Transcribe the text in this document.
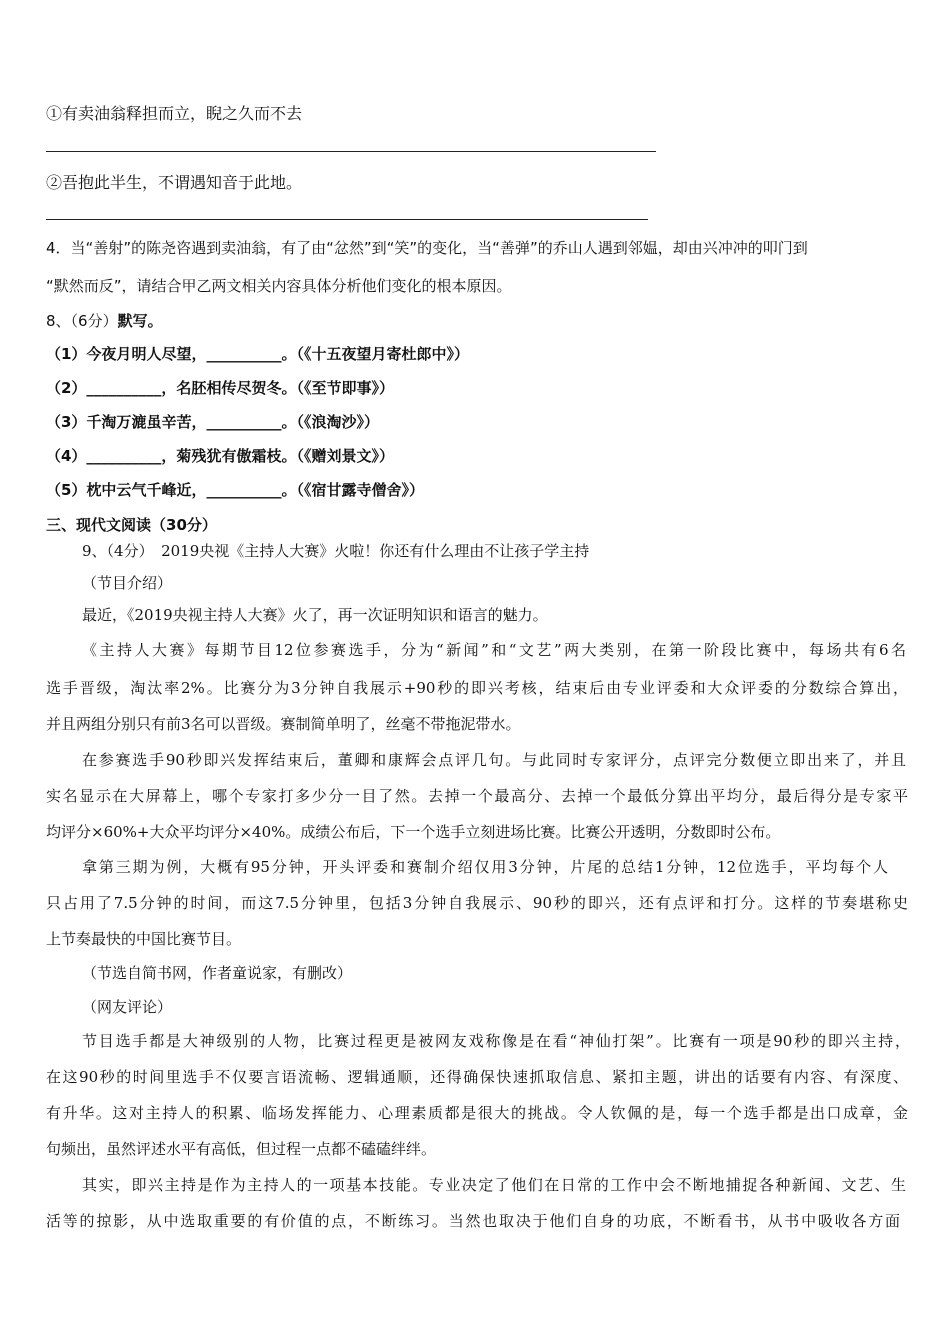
①有卖油翁释担而立，睨之久而不去
②吾抱此半生，不谓遇知音于此地。
4．当“善射”的陈尧咨遇到卖油翁，有了由“忿然”到“笑”的变化，当“善弹”的乔山人遇到邻媪，却由兴冲冲的叩门到
“默然而反”，请结合甲乙两文相关内容具体分析他们变化的根本原因。
8、（6分）默写。
（1）今夜月明人尽望，__________。（《十五夜望月寄杜郎中》）
（2）__________，名胚相传尽贺冬。（《至节即事》）
（3）千淘万漉虽辛苦，__________。（《浪淘沙》）
（4）__________，菊残犹有傲霜枝。（《赠刘景文》）
（5）枕中云气千峰近，__________。（《宿甘露寺僧舍》）
三、现代文阅读（30分）
9、（4分）　2019央视《主持人大赛》火啦！你还有什么理由不让孩子学主持
（节目介绍）
最近，《2019央视主持人大赛》火了，再一次证明知识和语言的魅力。
《主持人大赛》每期节目12位参赛选手，分为“新闻”和“文艺”两大类别，在第一阶段比赛中，每场共有6名
选手晋级，淘汰率2%。比赛分为3分钟自我展示+90秒的即兴考核，结束后由专业评委和大众评委的分数综合算出，
并且两组分别只有前3名可以晋级。赛制简单明了，丝毫不带拖泥带水。
在参赛选手90秒即兴发挥结束后，董卿和康辉会点评几句。与此同时专家评分，点评完分数便立即出来了，并且
实名显示在大屏幕上，哪个专家打多少分一目了然。去掉一个最高分、去掉一个最低分算出平均分，最后得分是专家平
均评分×60%+大众平均评分×40%。成绩公布后，下一个选手立刻进场比赛。比赛公开透明，分数即时公布。
拿第三期为例，大概有95分钟，开头评委和赛制介绍仅用3分钟，片尾的总结1分钟，12位选手，平均每个人
只占用了7.5分钟的时间，而这7.5分钟里，包括3分钟自我展示、90秒的即兴，还有点评和打分。这样的节奏堪称史
上节奏最快的中国比赛节目。
（节选自简书网，作者童说家，有删改）
（网友评论）
节目选手都是大神级别的人物，比赛过程更是被网友戏称像是在看“神仙打架”。比赛有一项是90秒的即兴主持，
在这90秒的时间里选手不仅要言语流畅、逻辑通顺，还得确保快速抓取信息、紧扣主题，讲出的话要有内容、有深度、
有升华。这对主持人的积累、临场发挥能力、心理素质都是很大的挑战。令人钦佩的是，每一个选手都是出口成章，金
句频出，虽然评述水平有高低，但过程一点都不磕磕绊绊。
其实，即兴主持是作为主持人的一项基本技能。专业决定了他们在日常的工作中会不断地捕捉各种新闻、文艺、生
活等的掠影，从中选取重要的有价值的点，不断练习。当然也取决于他们自身的功底，不断看书，从书中吸收各方面
